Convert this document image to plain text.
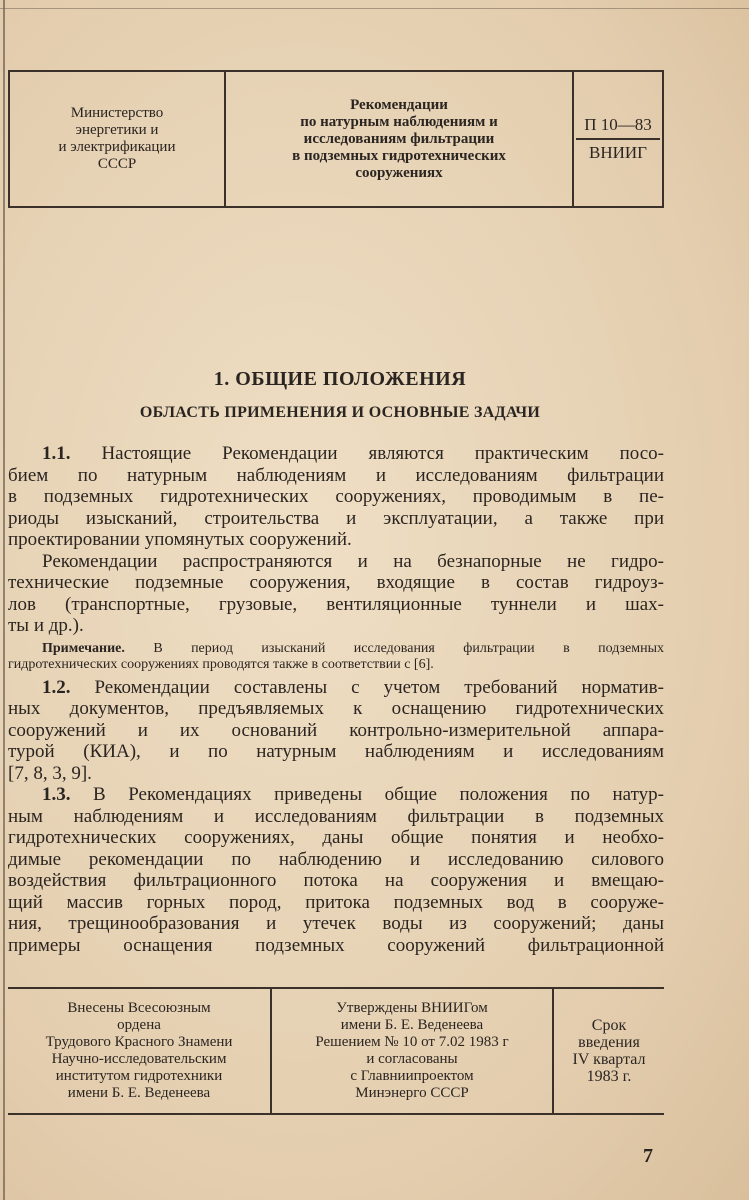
Министерство
энергетики и
и электрификации
СССР
Рекомендации
по натурным наблюдениям и
исследованиям фильтрации
в подземных гидротехнических
сооружениях
П 10—83
ВНИИГ
1. ОБЩИЕ ПОЛОЖЕНИЯ
ОБЛАСТЬ ПРИМЕНЕНИЯ И ОСНОВНЫЕ ЗАДАЧИ

1.1. Настоящие Рекомендации являются практическим посо-

бием по натурным наблюдениям и исследованиям фильтрации

в подземных гидротехнических сооружениях, проводимым в пе-

риоды изысканий, строительства и эксплуатации, а также при

проектировании упомянутых сооружений.

Рекомендации распространяются и на безнапорные не гидро-

технические подземные сооружения, входящие в состав гидроуз-

лов (транспортные, грузовые, вентиляционные туннели и шах-

ты и др.).

Примечание. В период изысканий исследования фильтрации в подземных
гидротехнических сооружениях проводятся также в соответствии с [6].

1.2. Рекомендации составлены с учетом требований норматив-

ных документов, предъявляемых к оснащению гидротехнических

сооружений и их оснований контрольно-измерительной аппара-

турой (КИА), и по натурным наблюдениям и исследованиям

[7, 8, 3, 9].

1.3. В Рекомендациях приведены общие положения по натур-

ным наблюдениям и исследованиям фильтрации в подземных

гидротехнических сооружениях, даны общие понятия и необхо-

димые рекомендации по наблюдению и исследованию силового

воздействия фильтрационного потока на сооружения и вмещаю-

щий массив горных пород, притока подземных вод в сооруже-

ния, трещинообразования и утечек воды из сооружений; даны

примеры оснащения подземных сооружений фильтрационной

Внесены Всесоюзным
ордена
Трудового Красного Знамени
Научно-исследовательским
институтом гидротехники
имени Б. Е. Веденеева
Утверждены ВНИИГом
имени Б. Е. Веденеева
Решением № 10 от 7.02 1983 г
и согласованы
с Главниипроектом
Минэнерго СССР
Срок
введения
IV квартал
1983 г.
7
